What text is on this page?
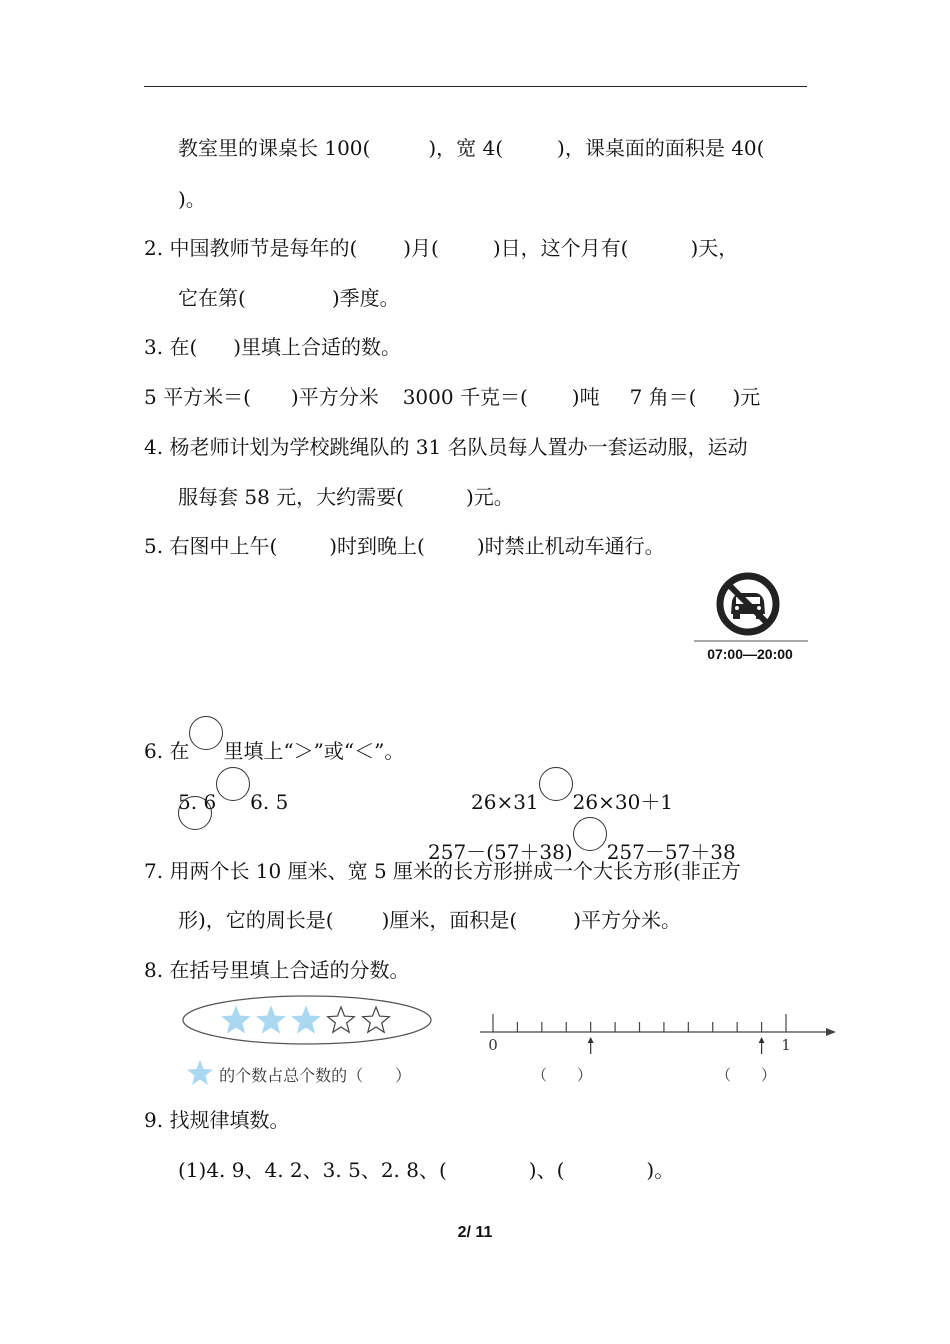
教室里的课桌长 100(	)，宽 4(	)，课桌面的面积是 40(
)。
2. 中国教师节是每年的( )月(	)日，这个月有(	)天，
它在第(	)季度。
3. 在( )里填上合适的数。
5 平方米＝( )平方分米 3000 千克＝( )吨 7 角＝( )元
4. 杨老师计划为学校跳绳队的 31 名队员每人置办一套运动服，运动
服每套 58 元，大约需要(	)元。
5. 右图中上午(	)时到晚上(	)时禁止机动车通行。
07:00—20:00
6. 在 里填上“＞”或“＜”。
5. 6 6. 5	26×31 26×30＋1
257－(57＋38) 257－57＋38
7. 用两个长 10 厘米、宽 5 厘米的长方形拼成一个大长方形(非正方
形)，它的周长是( )厘米，面积是(	)平方分米。
8. 在括号里填上合适的分数。
的个数占总个数的（　　）
0	1
（　　）	（　　）
9. 找规律填数。
(1)4. 9、4. 2、3. 5、2. 8、(	)、(	)。
2/ 11
